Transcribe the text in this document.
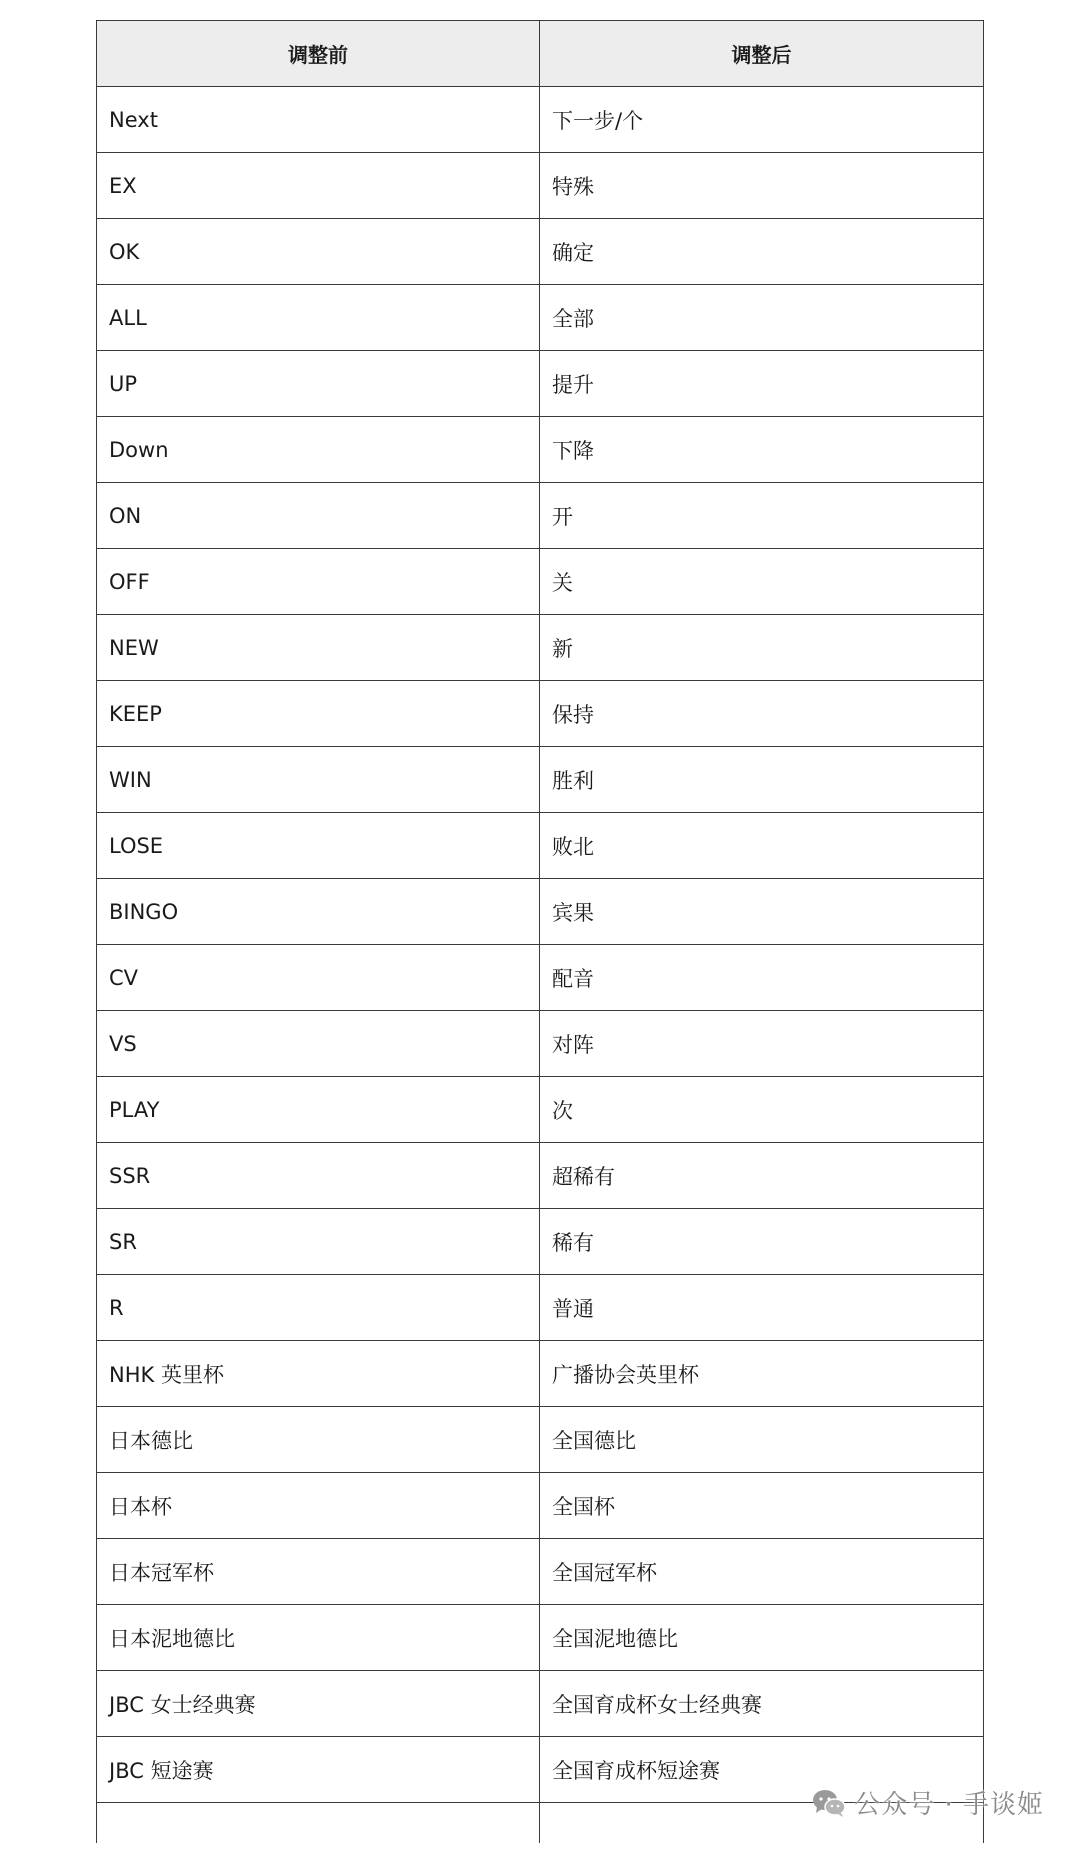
调整前	调整后
Next	下一步/个
EX	特殊
OK	确定
ALL	全部
UP	提升
Down	下降
ON	开
OFF	关
NEW	新
KEEP	保持
WIN	胜利
LOSE	败北
BINGO	宾果
CV	配音
VS	对阵
PLAY	次
SSR	超稀有
SR	稀有
R	普通
NHK 英里杯	广播协会英里杯
日本德比	全国德比
日本杯	全国杯
日本冠军杯	全国冠军杯
日本泥地德比	全国泥地德比
JBC 女士经典赛	全国育成杯女士经典赛
JBC 短途赛	全国育成杯短途赛

公众号 · 手谈姬
